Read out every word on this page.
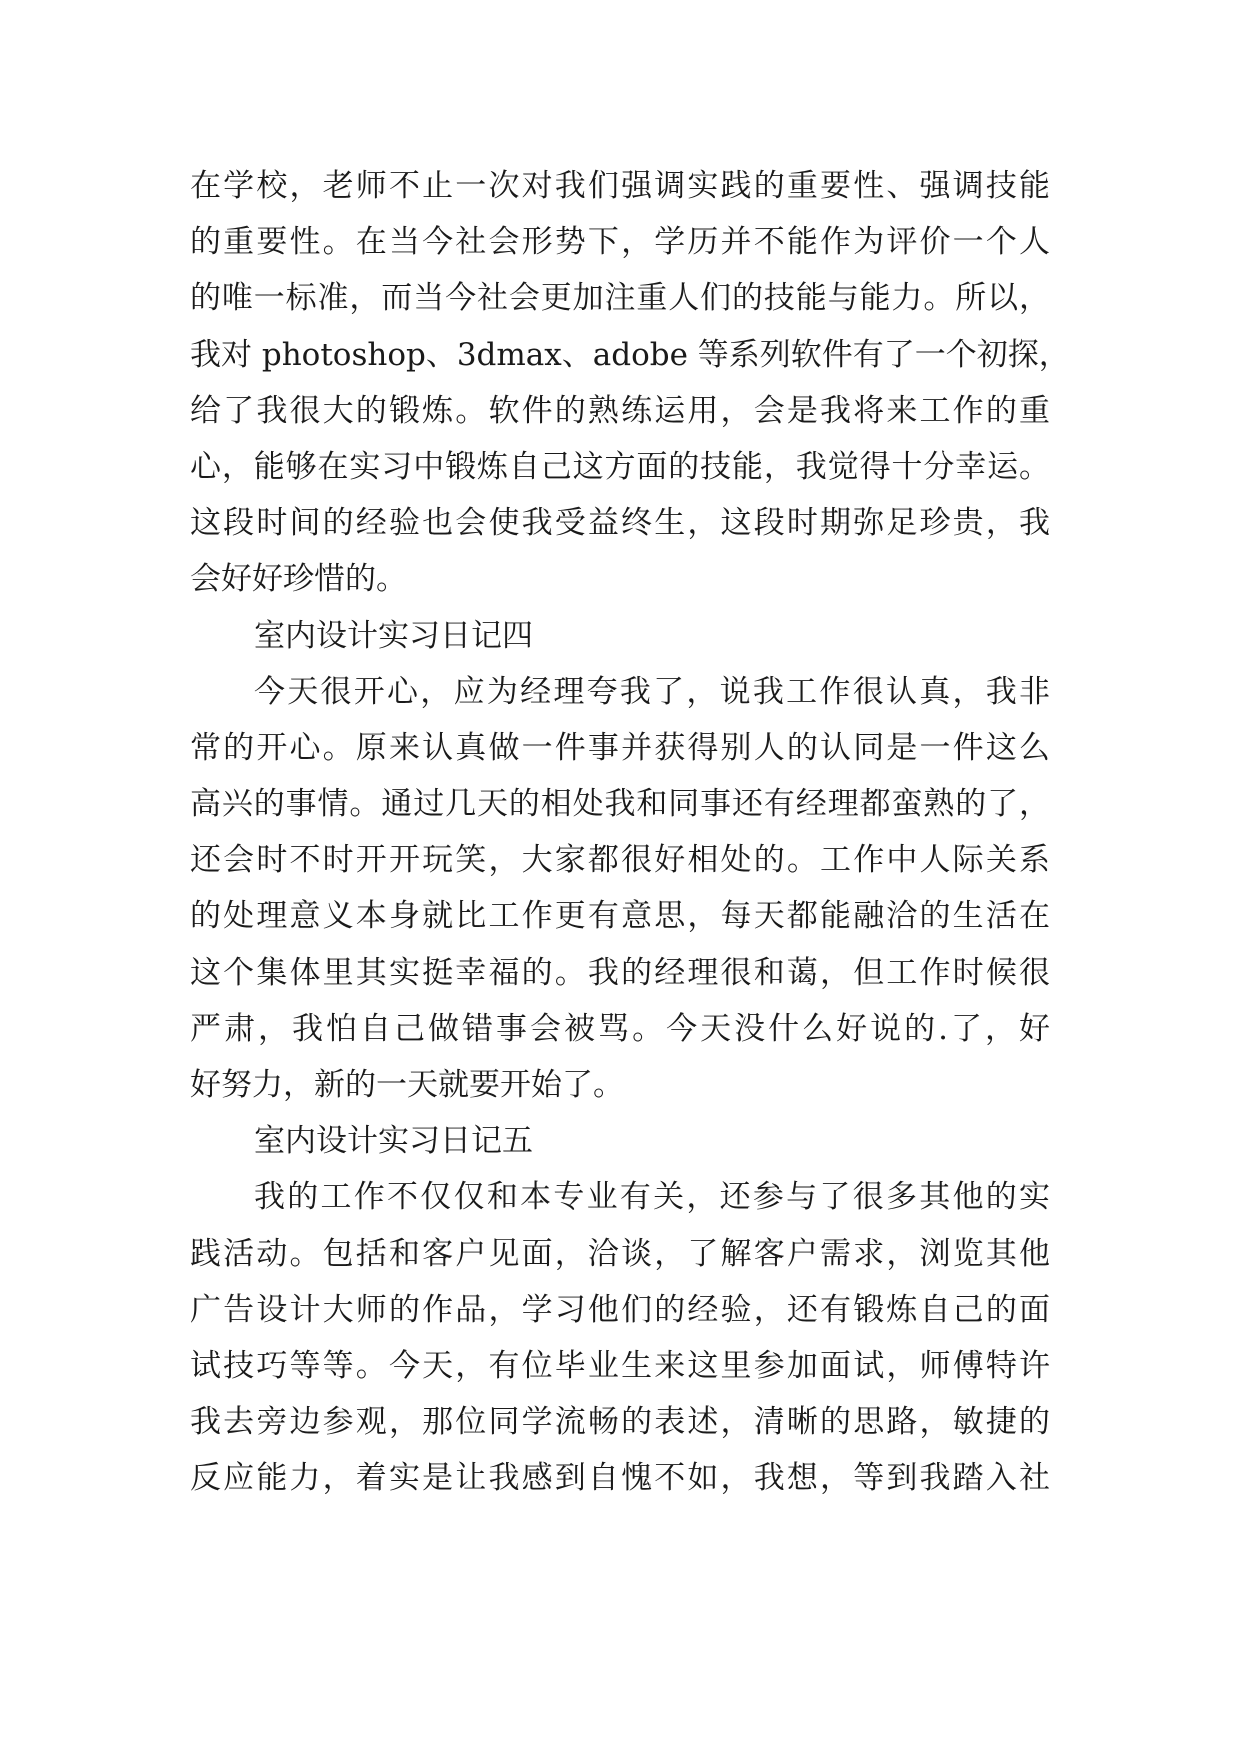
在学校，老师不止一次对我们强调实践的重要性、强调技能
的重要性。在当今社会形势下，学历并不能作为评价一个人
的唯一标准，而当今社会更加注重人们的技能与能力。所以，
我对 photoshop、3dmax、adobe 等系列软件有了一个初探，
给了我很大的锻炼。软件的熟练运用，会是我将来工作的重
心，能够在实习中锻炼自己这方面的技能，我觉得十分幸运。
这段时间的经验也会使我受益终生，这段时期弥足珍贵，我
会好好珍惜的。
室内设计实习日记四
今天很开心，应为经理夸我了，说我工作很认真，我非
常的开心。原来认真做一件事并获得别人的认同是一件这么
高兴的事情。通过几天的相处我和同事还有经理都蛮熟的了，
还会时不时开开玩笑，大家都很好相处的。工作中人际关系
的处理意义本身就比工作更有意思，每天都能融洽的生活在
这个集体里其实挺幸福的。我的经理很和蔼，但工作时候很
严肃，我怕自己做错事会被骂。今天没什么好说的.了，好
好努力，新的一天就要开始了。
室内设计实习日记五
我的工作不仅仅和本专业有关，还参与了很多其他的实
践活动。包括和客户见面，洽谈，了解客户需求，浏览其他
广告设计大师的作品，学习他们的经验，还有锻炼自己的面
试技巧等等。今天，有位毕业生来这里参加面试，师傅特许
我去旁边参观，那位同学流畅的表述，清晰的思路，敏捷的
反应能力，着实是让我感到自愧不如，我想，等到我踏入社
